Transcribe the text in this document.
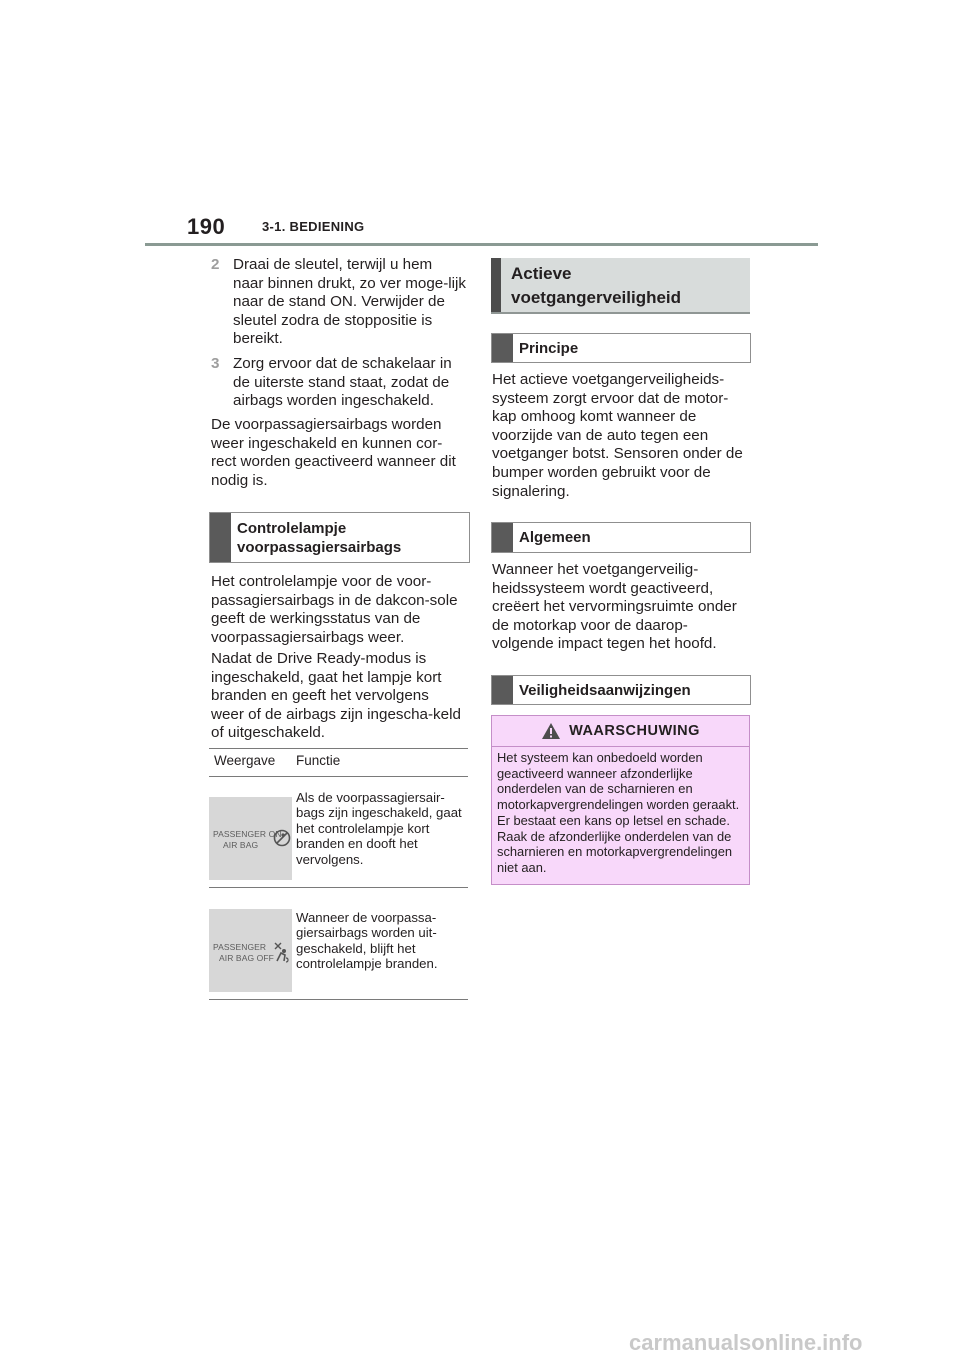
190	3-1. BEDIENING
2 Draai de sleutel, terwijl u hem naar binnen drukt, zo ver moge-lijk naar de stand ON. Verwijder de sleutel zodra de stoppositie is bereikt.
3 Zorg ervoor dat de schakelaar in de uiterste stand staat, zodat de airbags worden ingeschakeld.
De voorpassagiersairbags worden weer ingeschakeld en kunnen cor-rect worden geactiveerd wanneer dit nodig is.
Controlelampje voorpassagiersairbags
Het controlelampje voor de voor-passagiersairbags in de dakcon-sole geeft de werkingsstatus van de voorpassagiersairbags weer.
Nadat de Drive Ready-modus is ingeschakeld, gaat het lampje kort branden en geeft het vervolgens weer of de airbags zijn ingescha-keld of uitgeschakeld.
Weergave Functie
PASSENGER ON
AIR BAG
Als de voorpassagiersair-bags zijn ingeschakeld, gaat het controlelampje kort branden en dooft het vervolgens.
PASSENGER
AIR BAG OFF
Wanneer de voorpassa-giersairbags worden uit-geschakeld, blijft het controlelampje branden.
Actieve voetgangerveiligheid
Principe
Het actieve voetgangerveiligheids-systeem zorgt ervoor dat de motor-kap omhoog komt wanneer de voorzijde van de auto tegen een voetganger botst. Sensoren onder de bumper worden gebruikt voor de signalering.
Algemeen
Wanneer het voetgangerveilig-heidssysteem wordt geactiveerd, creëert het vervormingsruimte onder de motorkap voor de daarop-volgende impact tegen het hoofd.
Veiligheidsaanwijzingen
WAARSCHUWING
Het systeem kan onbedoeld worden geactiveerd wanneer afzonderlijke onderdelen van de scharnieren en motorkapvergrendelingen worden geraakt. Er bestaat een kans op letsel en schade. Raak de afzonderlijke onderdelen van de scharnieren en motorkapvergrendelingen niet aan.
carmanualsonline.info
